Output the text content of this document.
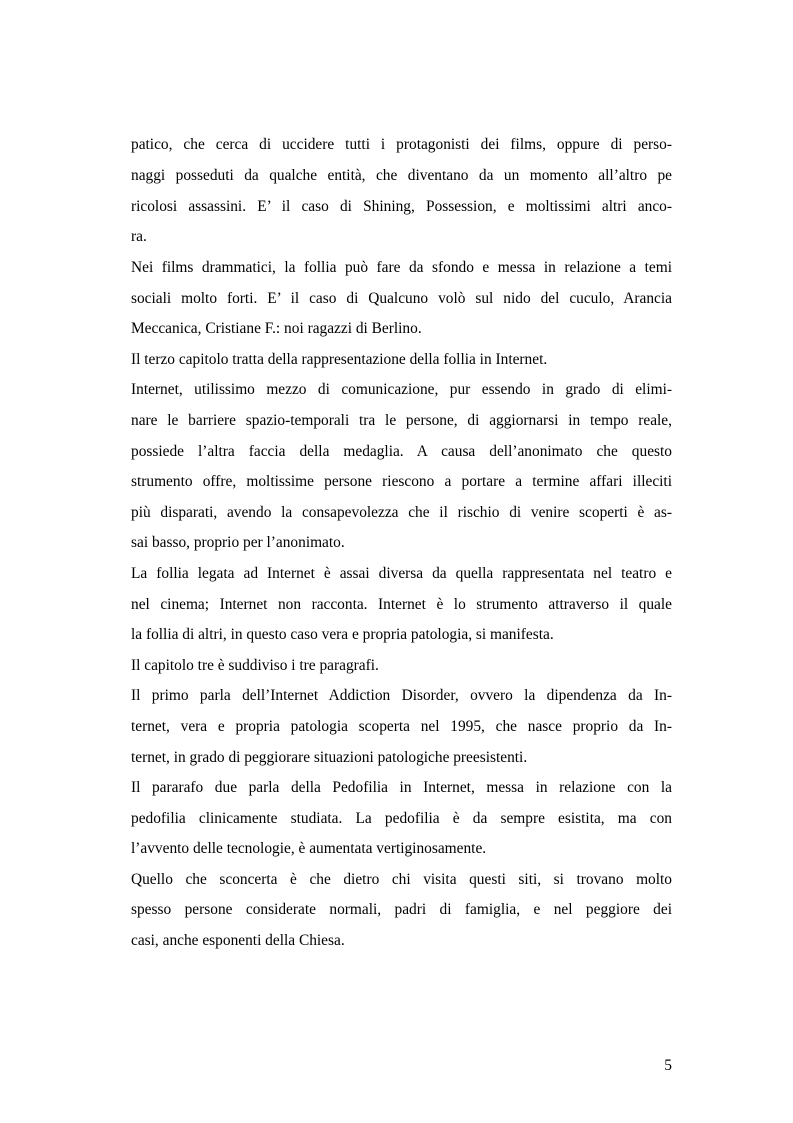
patico, che cerca di uccidere tutti i protagonisti dei films, oppure di perso-

naggi posseduti da qualche entità, che diventano da un momento all’altro pe

ricolosi assassini. E’ il caso di Shining, Possession, e moltissimi altri anco-

ra.

Nei films drammatici, la follia può fare da sfondo e messa in relazione a temi

sociali molto forti. E’ il caso di Qualcuno volò sul nido del cuculo, Arancia

Meccanica, Cristiane F.: noi ragazzi di Berlino.

Il terzo capitolo tratta della rappresentazione della follia in Internet.

Internet, utilissimo mezzo di comunicazione, pur essendo in grado di elimi-

nare le barriere spazio-temporali tra le persone, di aggiornarsi in tempo reale,

possiede l’altra faccia della medaglia. A causa dell’anonimato che questo

strumento offre, moltissime persone riescono a portare a termine affari illeciti

più disparati, avendo la consapevolezza che il rischio di venire scoperti è as-

sai basso, proprio per l’anonimato.

La follia legata ad Internet è assai diversa da quella rappresentata nel teatro e

nel cinema; Internet non racconta. Internet è lo strumento attraverso il quale

la follia di altri, in questo caso vera e propria patologia, si manifesta.

Il capitolo tre è suddiviso i tre paragrafi.

Il primo parla dell’Internet Addiction Disorder, ovvero la dipendenza da In-

ternet, vera e propria patologia scoperta nel 1995, che nasce proprio da In-

ternet, in grado di peggiorare situazioni patologiche preesistenti.

Il pararafo due parla della Pedofilia in Internet, messa in relazione con la

pedofilia clinicamente studiata. La pedofilia è da sempre esistita, ma con

l’avvento delle tecnologie, è aumentata vertiginosamente.

Quello che sconcerta è che dietro chi visita questi siti, si trovano molto

spesso persone considerate normali, padri di famiglia, e nel peggiore dei

casi, anche esponenti della Chiesa.

5
